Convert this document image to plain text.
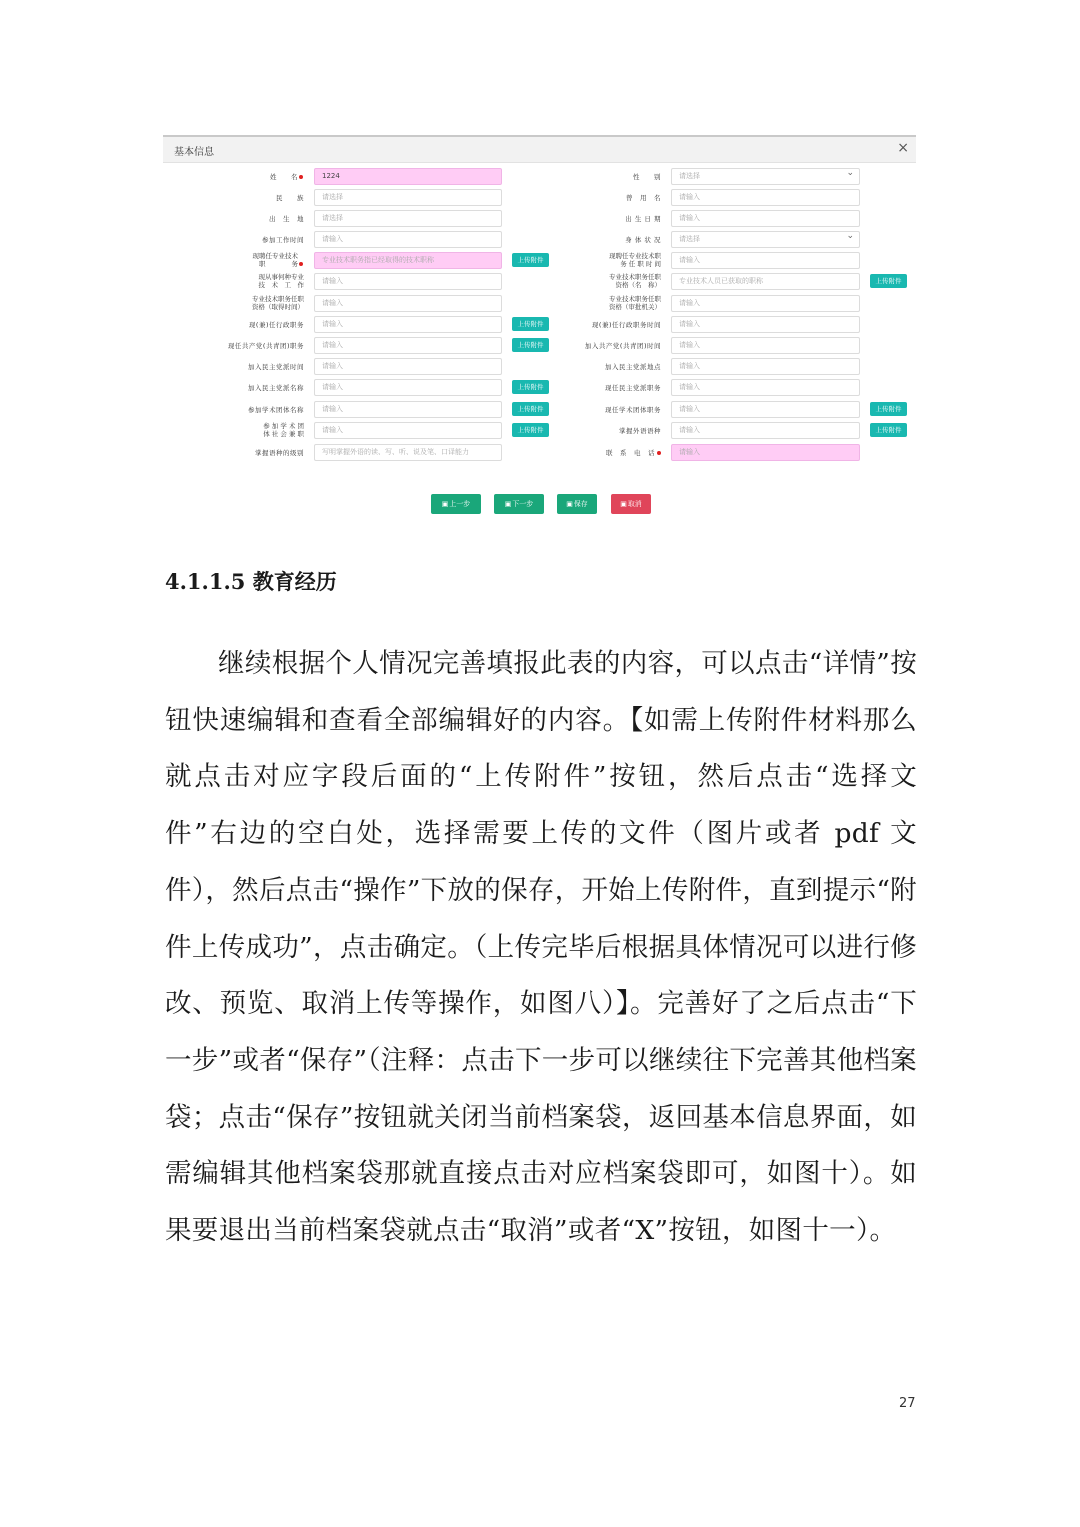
基本信息	×
姓　　名	1224
民　　族	请选择
出　生　地	请选择
参加工作时间	请输入
现聘任专业技术
职　　　　务	专业技术职务指已经取得的技术职称	上传附件
现从事何种专业
技　术　工　作	请输入
专业技术职务任职
资格（取得时间）	请输入
现(兼)任行政职务	请输入	上传附件
现任共产党(共青团)职务	请输入	上传附件
加入民主党派时间	请输入
加入民主党派名称	请输入	上传附件
参加学术团体名称	请输入	上传附件
参 加 学 术 团
体 社 会 兼 职	请输入	上传附件
掌握语种的级别	写明掌握外语的读、写、听、说及笔、口译能力
性　　别	请选择 ⌄
曾　用　名	请输入
出 生 日 期	请输入
身 体 状 况	请选择 ⌄
现聘任专业技术职
务 任 职 时 间	请输入
专业技术职务任职
资格（名　称）	专业技术人员已获取的职称	上传附件
专业技术职务任职
资格（审批机关）	请输入
现(兼)任行政职务时间	请输入
加入共产党(共青团)时间	请输入
加入民主党派地点	请输入
现任民主党派职务	请输入
现任学术团体职务	请输入	上传附件
掌握外语语种	请输入	上传附件
联　系　电　话	请输入
▣上一步	▣下一步	▣保存	▣取消
4.1.1.5 教育经历
继续根据个人情况完善填报此表的内容，可以点击“详情”按钮快速编辑和查看全部编辑好的内容。【如需上传附件材料那么就点击对应字段后面的“上传附件”按钮，然后点击“选择文件”右边的空白处，选择需要上传的文件（图片或者 pdf 文件），然后点击“操作”下放的保存，开始上传附件，直到提示“附件上传成功”，点击确定。（上传完毕后根据具体情况可以进行修改、预览、取消上传等操作，如图八）】。完善好了之后点击“下一步”或者“保存”（注释：点击下一步可以继续往下完善其他档案袋；点击“保存”按钮就关闭当前档案袋，返回基本信息界面，如需编辑其他档案袋那就直接点击对应档案袋即可，如图十）。如果要退出当前档案袋就点击“取消”或者“X”按钮，如图十一）。
27
